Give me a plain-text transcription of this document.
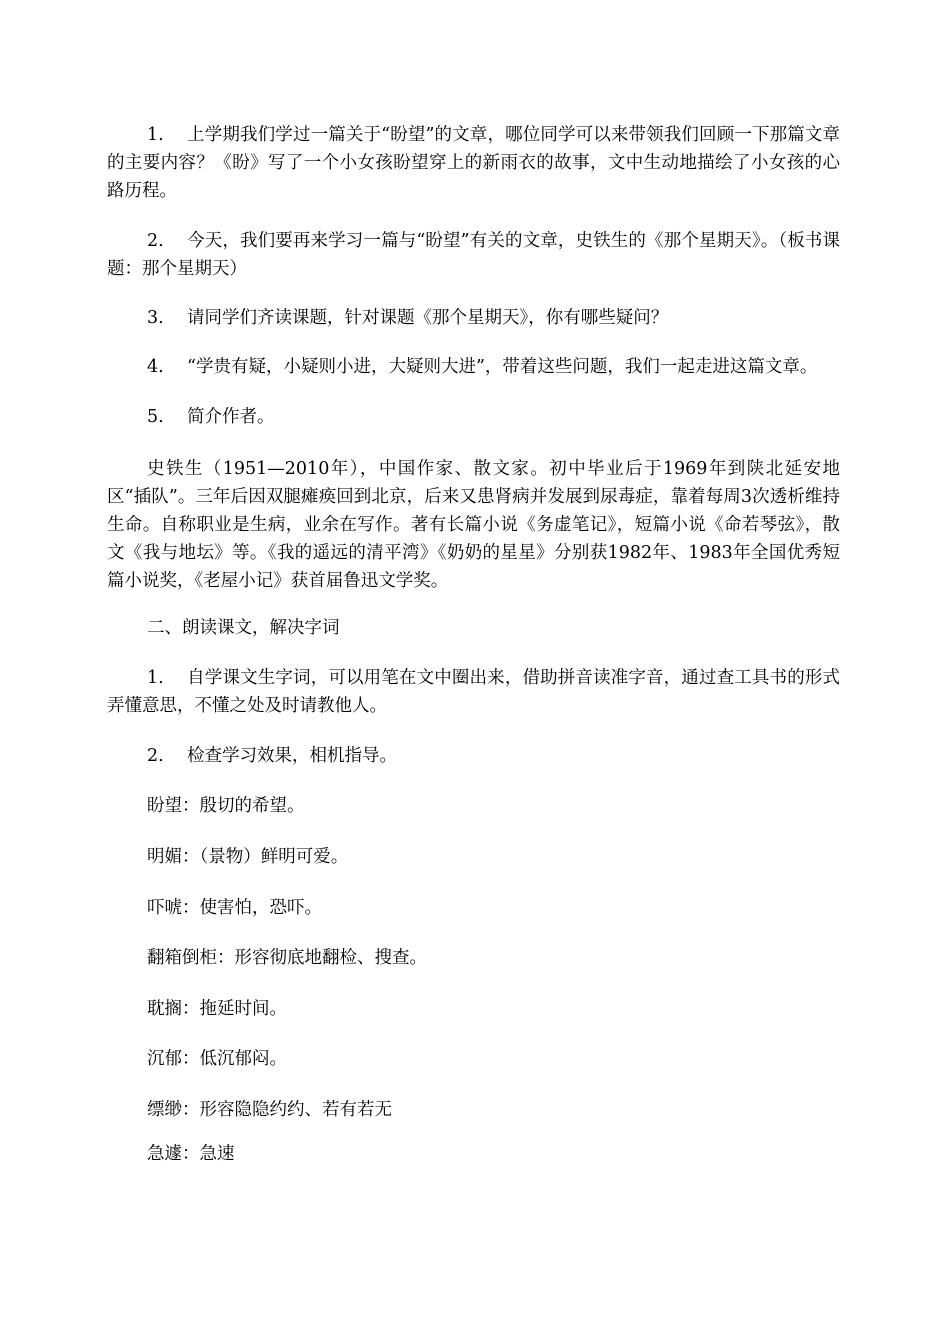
1. 上学期我们学过一篇关于“盼望”的文章，哪位同学可以来带领我们回顾一下那篇文章的主要内容？《盼》写了一个小女孩盼望穿上的新雨衣的故事，文中生动地描绘了小女孩的心路历程。

2. 今天，我们要再来学习一篇与“盼望”有关的文章，史铁生的《那个星期天》。（板书课题：那个星期天）

3. 请同学们齐读课题，针对课题《那个星期天》，你有哪些疑问？

4. “学贵有疑，小疑则小进，大疑则大进”，带着这些问题，我们一起走进这篇文章。

5. 简介作者。

史铁生（1951—2010年），中国作家、散文家。初中毕业后于1969年到陕北延安地区“插队”。三年后因双腿瘫痪回到北京，后来又患肾病并发展到尿毒症，靠着每周3次透析维持生命。自称职业是生病，业余在写作。著有长篇小说《务虚笔记》，短篇小说《命若琴弦》，散文《我与地坛》等。《我的遥远的清平湾》《奶奶的星星》分别获1982年、1983年全国优秀短篇小说奖，《老屋小记》获首届鲁迅文学奖。

二、朗读课文，解决字词

1. 自学课文生字词，可以用笔在文中圈出来，借助拼音读准字音，通过查工具书的形式弄懂意思，不懂之处及时请教他人。

2. 检查学习效果，相机指导。

盼望：殷切的希望。

明媚：（景物）鲜明可爱。

吓唬：使害怕，恐吓。

翻箱倒柜：形容彻底地翻检、搜查。

耽搁：拖延时间。

沉郁：低沉郁闷。

缥缈：形容隐隐约约、若有若无

急遽：急速
